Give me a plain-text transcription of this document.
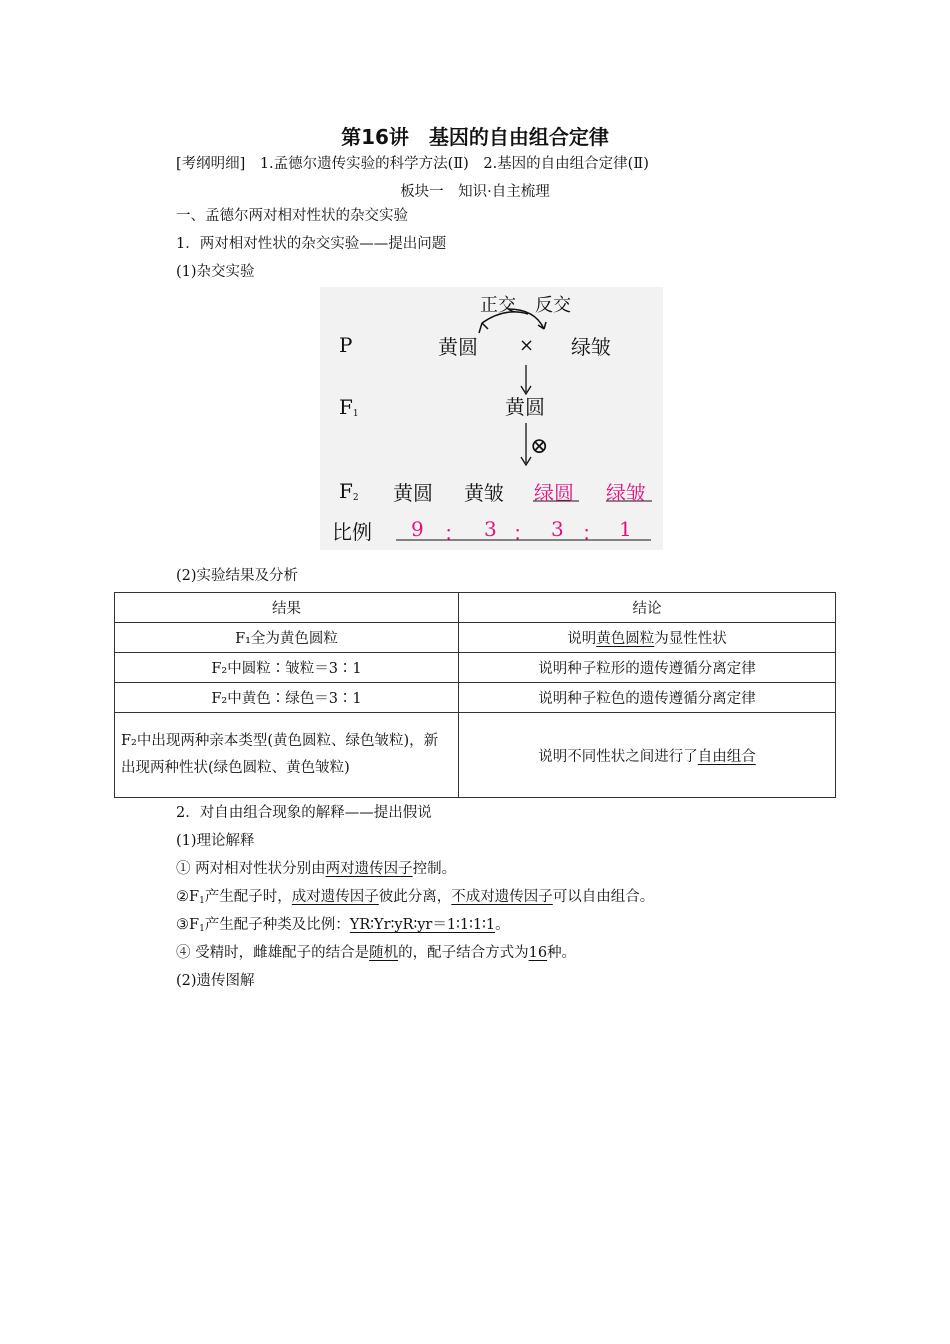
第16讲　基因的自由组合定律
[考纲明细]　 1.孟德尔遗传实验的科学方法(Ⅱ)　 2.基因的自由组合定律(Ⅱ)
板块一　知识·自主梳理
一、孟德尔两对相对性状的杂交实验
1．两对相对性状的杂交实验——提出问题
(1)杂交实验
正交 反交
P	黄圆 × 绿皱
$F_1$	黄圆
⊗
$F_2$ 黄圆 黄皱 绿圆 绿皱
比例 9 ： 3 ： 3 ： 1
(2)实验结果及分析
结果	结论
F₁全为黄色圆粒	说明黄色圆粒为显性性状
F₂中圆粒∶皱粒＝3∶1	说明种子粒形的遗传遵循分离定律
F₂中黄色∶绿色＝3∶1	说明种子粒色的遗传遵循分离定律
F₂中出现两种亲本类型(黄色圆粒、绿色皱粒)，新出现两种性状(绿色圆粒、黄色皱粒)	说明不同性状之间进行了自由组合
2．对自由组合现象的解释——提出假说
(1)理论解释
① 两对相对性状分别由两对遗传因子控制。
$②F_1$产生配子时，成对遗传因子彼此分离，不成对遗传因子可以自由组合。
$③F_1$产生配子种类及比例：YR∶Yr∶yR∶yr＝1∶1∶1∶1。
④ 受精时，雌雄配子的结合是随机的，配子结合方式为16种。
(2)遗传图解
